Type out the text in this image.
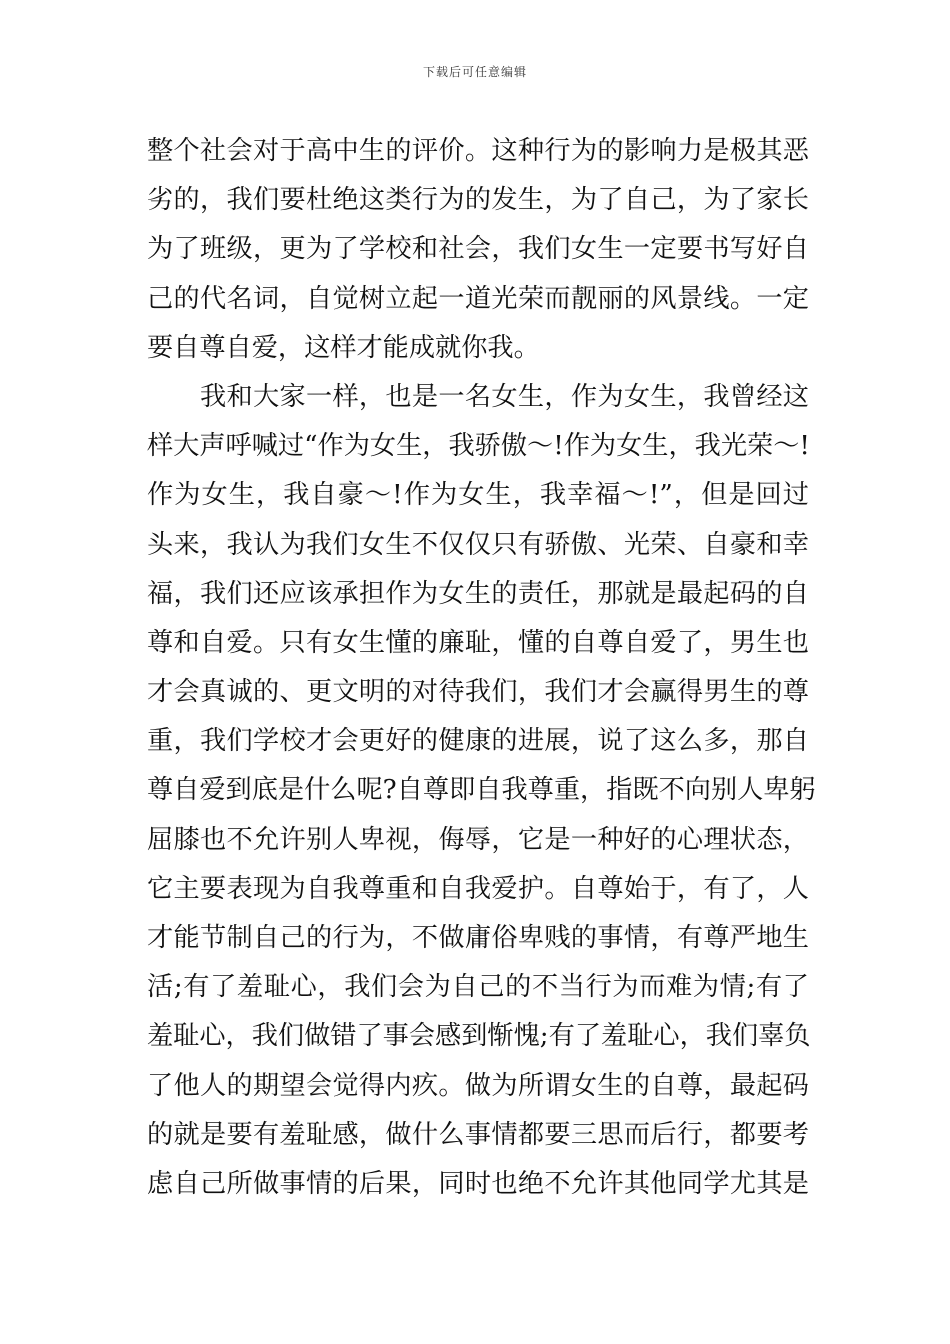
下载后可任意编辑
整个社会对于高中生的评价。这种行为的影响力是极其恶
劣的，我们要杜绝这类行为的发生，为了自己，为了家长
为了班级，更为了学校和社会，我们女生一定要书写好自
己的代名词，自觉树立起一道光荣而靓丽的风景线。一定
要自尊自爱，这样才能成就你我。
　　我和大家一样，也是一名女生，作为女生，我曾经这
样大声呼喊过“作为女生，我骄傲～!作为女生，我光荣～!
作为女生，我自豪～!作为女生，我幸福～!”，但是回过
头来，我认为我们女生不仅仅只有骄傲、光荣、自豪和幸
福，我们还应该承担作为女生的责任，那就是最起码的自
尊和自爱。只有女生懂的廉耻，懂的自尊自爱了，男生也
才会真诚的、更文明的对待我们，我们才会赢得男生的尊
重，我们学校才会更好的健康的进展，说了这么多，那自
尊自爱到底是什么呢?自尊即自我尊重，指既不向别人卑躬
屈膝也不允许别人卑视，侮辱，它是一种好的心理状态，
它主要表现为自我尊重和自我爱护。自尊始于，有了，人
才能节制自己的行为，不做庸俗卑贱的事情，有尊严地生
活;有了羞耻心，我们会为自己的不当行为而难为情;有了
羞耻心，我们做错了事会感到惭愧;有了羞耻心，我们辜负
了他人的期望会觉得内疚。做为所谓女生的自尊，最起码
的就是要有羞耻感，做什么事情都要三思而后行，都要考
虑自己所做事情的后果，同时也绝不允许其他同学尤其是
